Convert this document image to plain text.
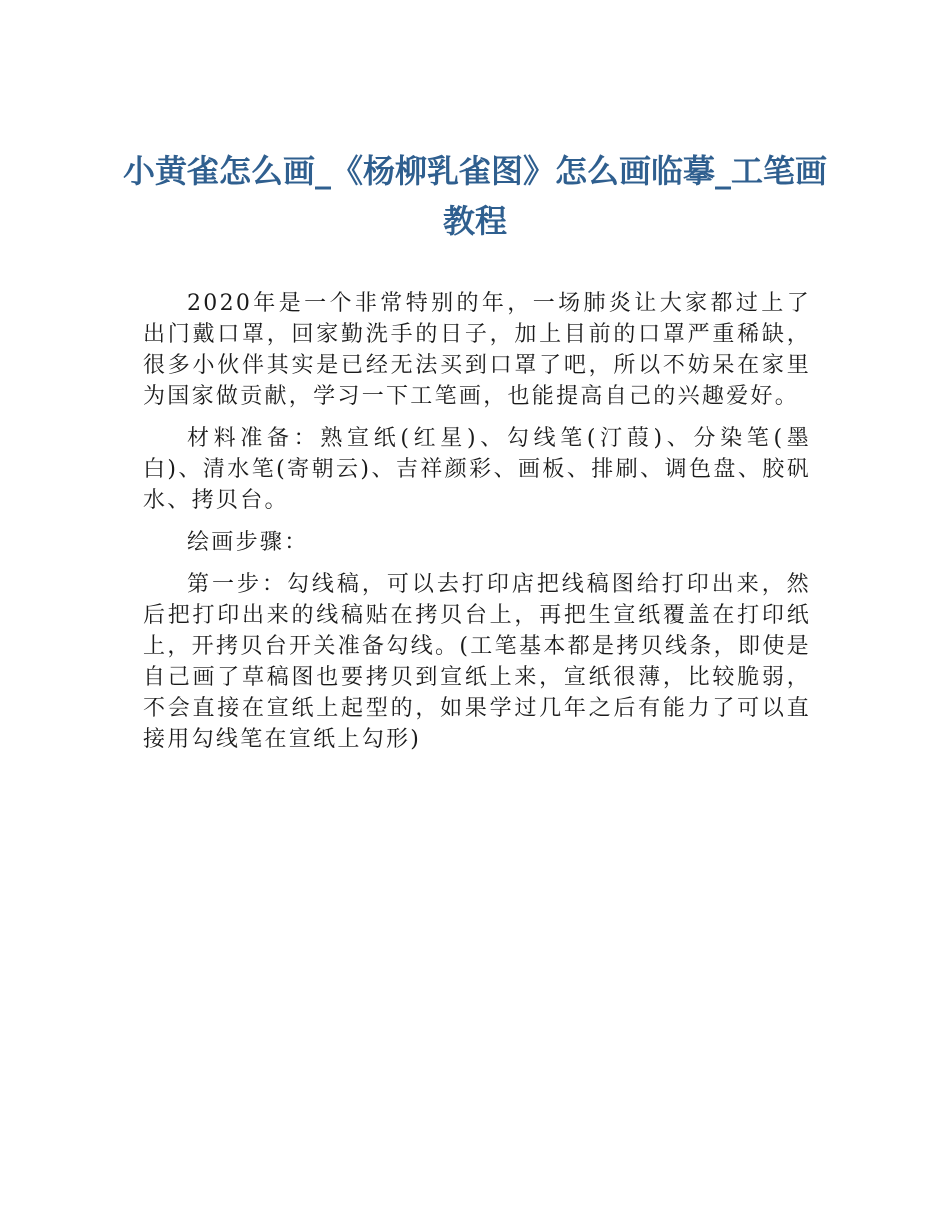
小黄雀怎么画_《杨柳乳雀图》怎么画临摹_工笔画教程

2020年是一个非常特别的年，一场肺炎让大家都过上了出门戴口罩，回家勤洗手的日子，加上目前的口罩严重稀缺，很多小伙伴其实是已经无法买到口罩了吧，所以不妨呆在家里为国家做贡献，学习一下工笔画，也能提高自己的兴趣爱好。

材料准备：熟宣纸(红星)、勾线笔(汀葭)、分染笔(墨白)、清水笔(寄朝云)、吉祥颜彩、画板、排刷、调色盘、胶矾水、拷贝台。

绘画步骤：

第一步：勾线稿，可以去打印店把线稿图给打印出来，然后把打印出来的线稿贴在拷贝台上，再把生宣纸覆盖在打印纸上，开拷贝台开关准备勾线。(工笔基本都是拷贝线条，即使是自己画了草稿图也要拷贝到宣纸上来，宣纸很薄，比较脆弱，不会直接在宣纸上起型的，如果学过几年之后有能力了可以直接用勾线笔在宣纸上勾形)
